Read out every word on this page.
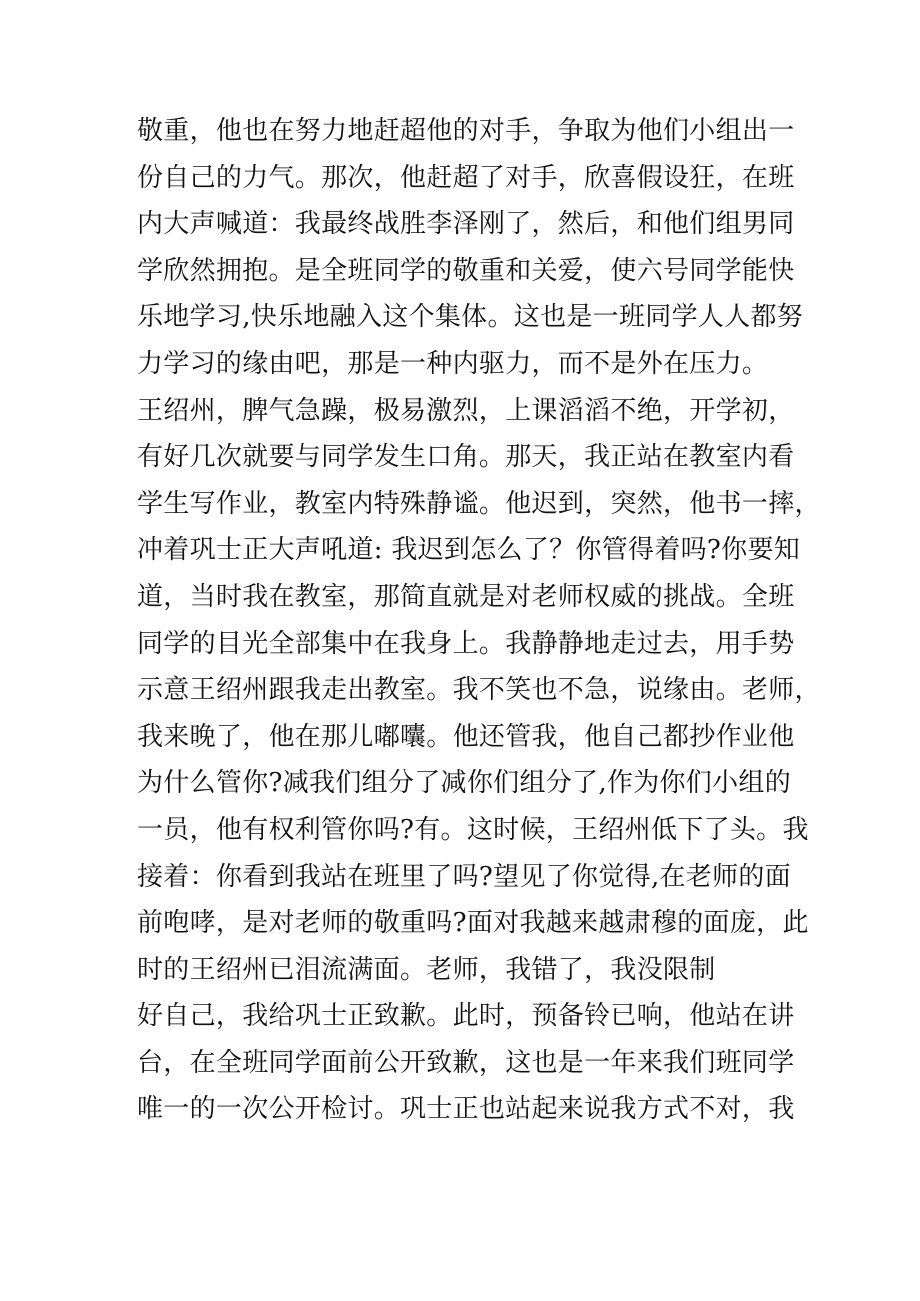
敬重，他也在努力地赶超他的对手，争取为他们小组出一
份自己的力气。那次，他赶超了对手，欣喜假设狂，在班
内大声喊道：我最终战胜李泽刚了，然后，和他们组男同
学欣然拥抱。是全班同学的敬重和关爱，使六号同学能快
乐地学习,快乐地融入这个集体。这也是一班同学人人都努
力学习的缘由吧，那是一种内驱力，而不是外在压力。
王绍州，脾气急躁，极易激烈，上课滔滔不绝，开学初，
有好几次就要与同学发生口角。那天，我正站在教室内看
学生写作业，教室内特殊静谧。他迟到，突然，他书一摔，
冲着巩士正大声吼道: 我迟到怎么了？你管得着吗?你要知
道，当时我在教室，那简直就是对老师权威的挑战。全班
同学的目光全部集中在我身上。我静静地走过去，用手势
示意王绍州跟我走出教室。我不笑也不急，说缘由。老师，
我来晚了，他在那儿嘟囔。他还管我，他自己都抄作业他
为什么管你?减我们组分了减你们组分了,作为你们小组的
一员，他有权利管你吗?有。这时候，王绍州低下了头。我
接着：你看到我站在班里了吗?望见了你觉得,在老师的面
前咆哮，是对老师的敬重吗?面对我越来越肃穆的面庞，此
时的王绍州已泪流满面。老师，我错了，我没限制
好自己，我给巩士正致歉。此时，预备铃已响，他站在讲
台，在全班同学面前公开致歉，这也是一年来我们班同学
唯一的一次公开检讨。巩士正也站起来说我方式不对，我
